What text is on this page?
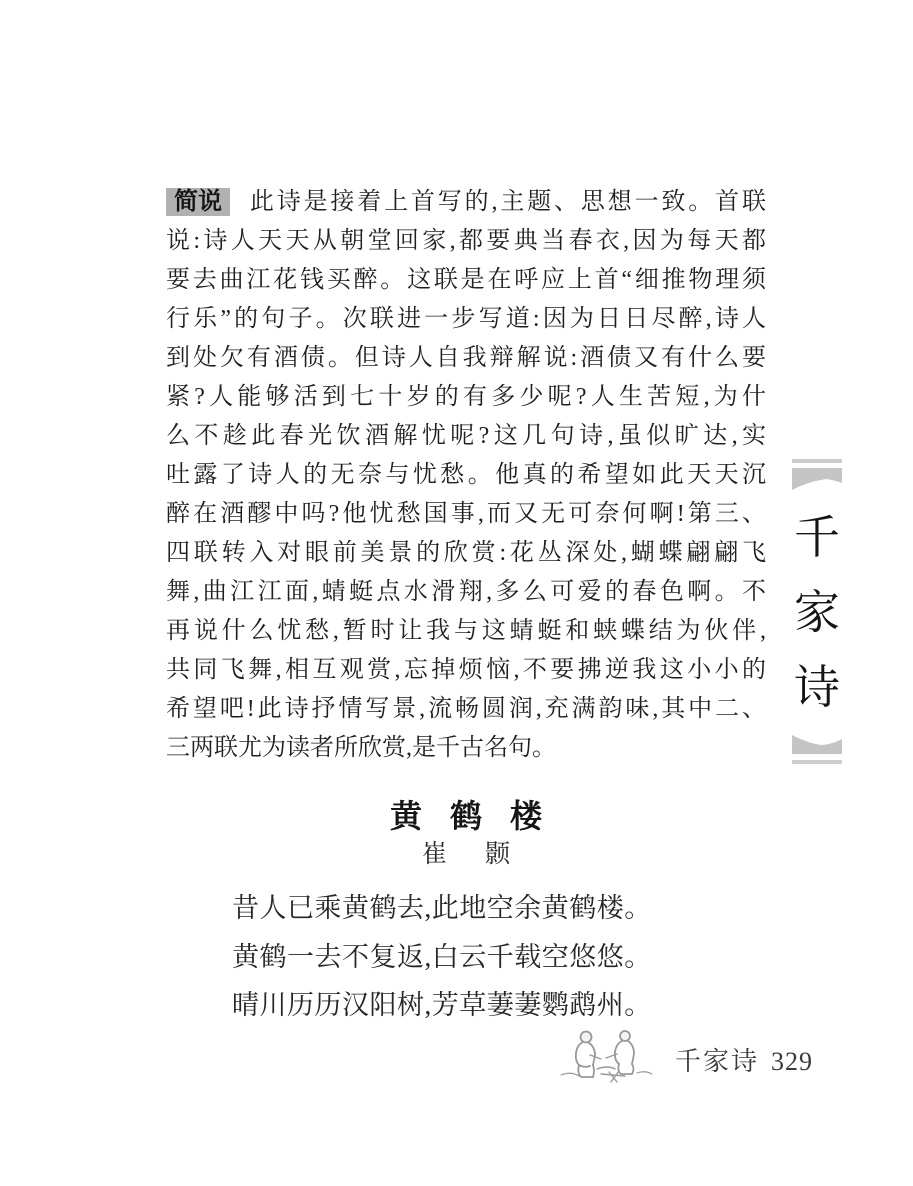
简说 此诗是接着上首写的,主题、思想一致。首联
说:诗人天天从朝堂回家,都要典当春衣,因为每天都
要去曲江花钱买醉。这联是在呼应上首“细推物理须
行乐”的句子。次联进一步写道:因为日日尽醉,诗人
到处欠有酒债。但诗人自我辩解说:酒债又有什么要
紧?人能够活到七十岁的有多少呢?人生苦短,为什
么不趁此春光饮酒解忧呢?这几句诗,虽似旷达,实
吐露了诗人的无奈与忧愁。他真的希望如此天天沉
醉在酒醪中吗?他忧愁国事,而又无可奈何啊!第三、
四联转入对眼前美景的欣赏:花丛深处,蝴蝶翩翩飞
舞,曲江江面,蜻蜓点水滑翔,多么可爱的春色啊。不
再说什么忧愁,暂时让我与这蜻蜓和蛱蝶结为伙伴,
共同飞舞,相互观赏,忘掉烦恼,不要拂逆我这小小的
希望吧!此诗抒情写景,流畅圆润,充满韵味,其中二、
三两联尤为读者所欣赏,是千古名句。
黄鹤楼
崔颢
昔人已乘黄鹤去,此地空余黄鹤楼。
黄鹤一去不复返,白云千载空悠悠。
晴川历历汉阳树,芳草萋萋鹦鹉州。
千
家
诗
千家诗 329
